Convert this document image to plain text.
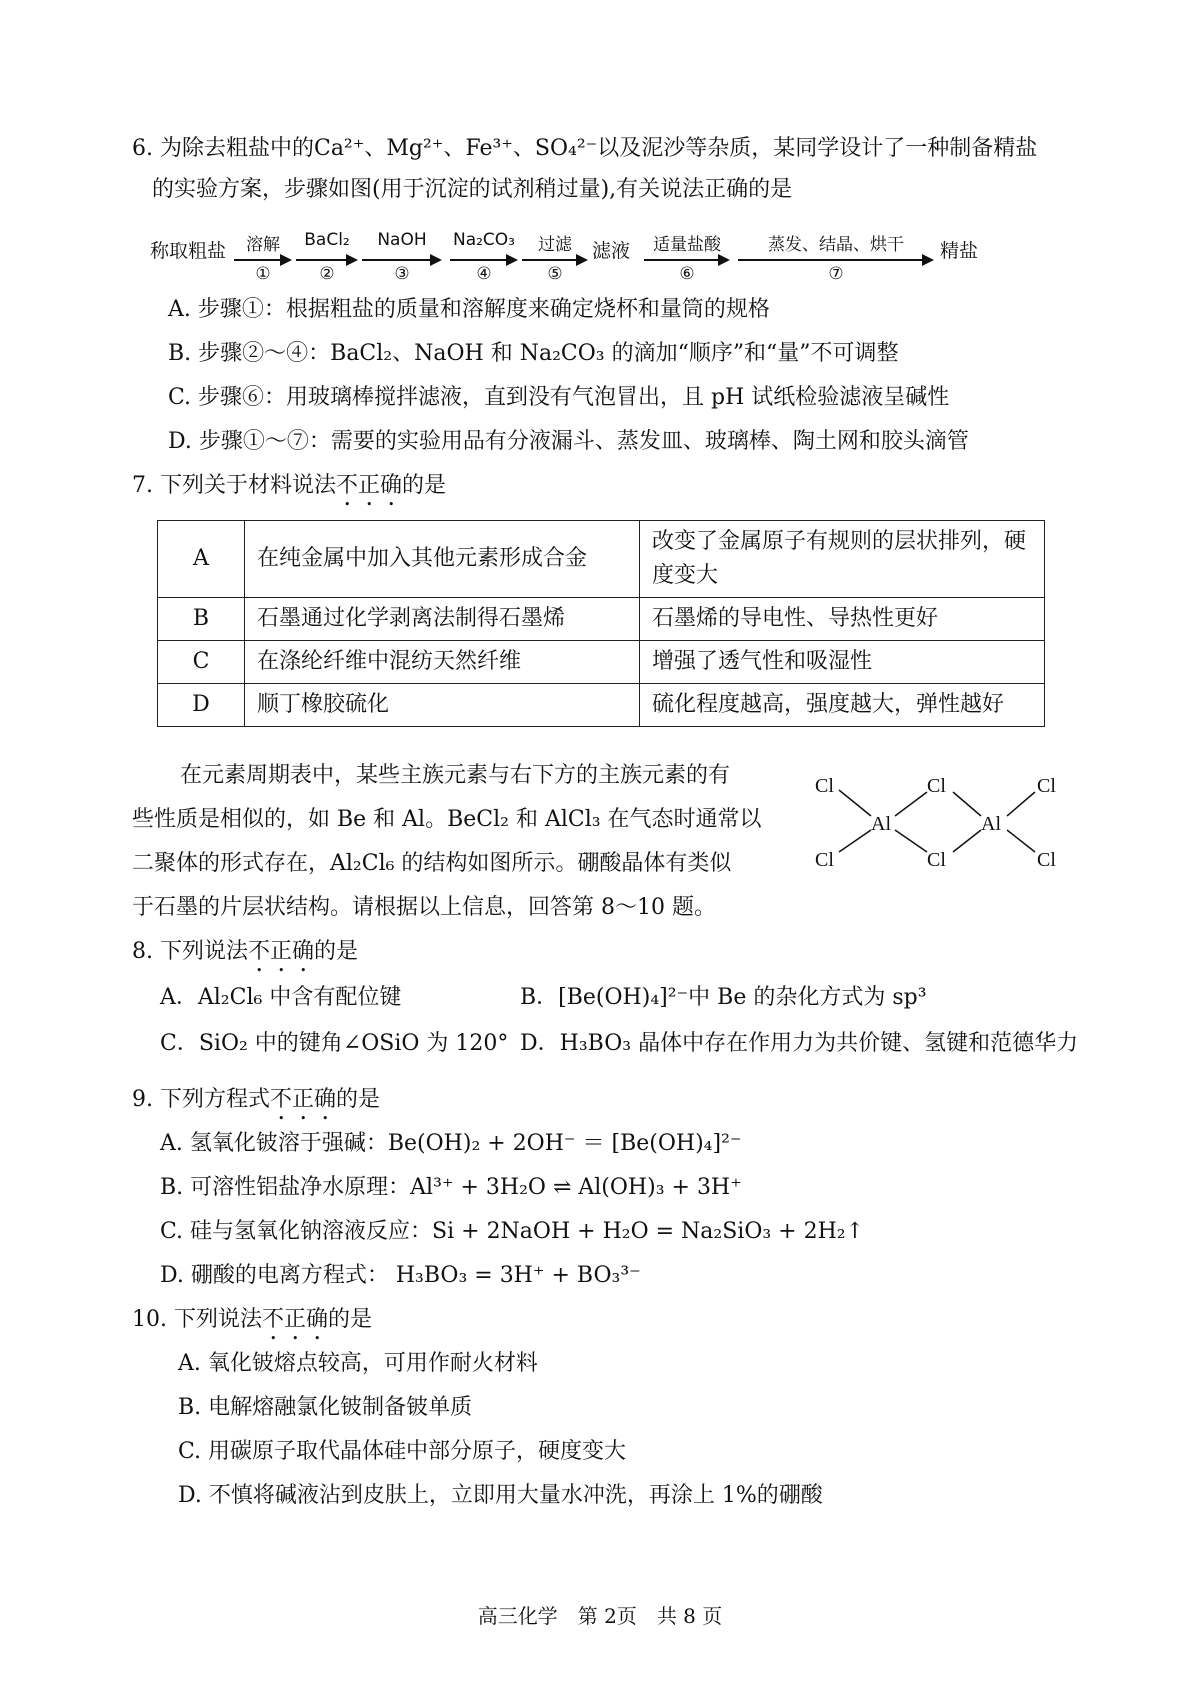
6. 为除去粗盐中的Ca²⁺、Mg²⁺、Fe³⁺、SO₄²⁻以及泥沙等杂质，某同学设计了一种制备精盐
的实验方案，步骤如图(用于沉淀的试剂稍过量),有关说法正确的是
称取粗盐	溶解
①
BaCl₂
②
NaOH
③
Na₂CO₃
④
过滤
⑤
滤液	适量盐酸
⑥
蒸发、结晶、烘干
⑦
精盐
A. 步骤①：根据粗盐的质量和溶解度来确定烧杯和量筒的规格
B. 步骤②～④：BaCl₂、NaOH 和 Na₂CO₃ 的滴加“顺序”和“量”不可调整
C. 步骤⑥：用玻璃棒搅拌滤液，直到没有气泡冒出，且 pH 试纸检验滤液呈碱性
D. 步骤①～⑦：需要的实验用品有分液漏斗、蒸发皿、玻璃棒、陶土网和胶头滴管
7. 下列关于材料说法不正确的是
A	在纯金属中加入其他元素形成合金	改变了金属原子有规则的层状排列，硬度变大
B	石墨通过化学剥离法制得石墨烯	石墨烯的导电性、导热性更好
C	在涤纶纤维中混纺天然纤维	增强了透气性和吸湿性
D	顺丁橡胶硫化	硫化程度越高，强度越大，弹性越好
在元素周期表中，某些主族元素与右下方的主族元素的有
些性质是相似的，如 Be 和 Al。BeCl₂ 和 AlCl₃ 在气态时通常以
二聚体的形式存在，Al₂Cl₆ 的结构如图所示。硼酸晶体有类似
于石墨的片层状结构。请根据以上信息，回答第 8～10 题。
Cl
Cl
Al
Cl
Cl
Al
Cl
Cl
8. 下列说法不正确的是
A．Al₂Cl₆ 中含有配位键	B．[Be(OH)₄]²⁻中 Be 的杂化方式为 sp³
C．SiO₂ 中的键角∠OSiO 为 120° D．H₃BO₃ 晶体中存在作用力为共价键、氢键和范德华力
9. 下列方程式不正确的是
A. 氢氧化铍溶于强碱：Be(OH)₂ + 2OH⁻ ＝ [Be(OH)₄]²⁻
B. 可溶性铝盐净水原理：Al³⁺ + 3H₂O ⇌ Al(OH)₃ + 3H⁺
C. 硅与氢氧化钠溶液反应：Si + 2NaOH + H₂O = Na₂SiO₃ + 2H₂↑
D. 硼酸的电离方程式： H₃BO₃ = 3H⁺ + BO₃³⁻
10. 下列说法不正确的是
A. 氧化铍熔点较高，可用作耐火材料
B. 电解熔融氯化铍制备铍单质
C. 用碳原子取代晶体硅中部分原子，硬度变大
D. 不慎将碱液沾到皮肤上，立即用大量水冲洗，再涂上 1%的硼酸
高三化学　第 2页　共 8 页
